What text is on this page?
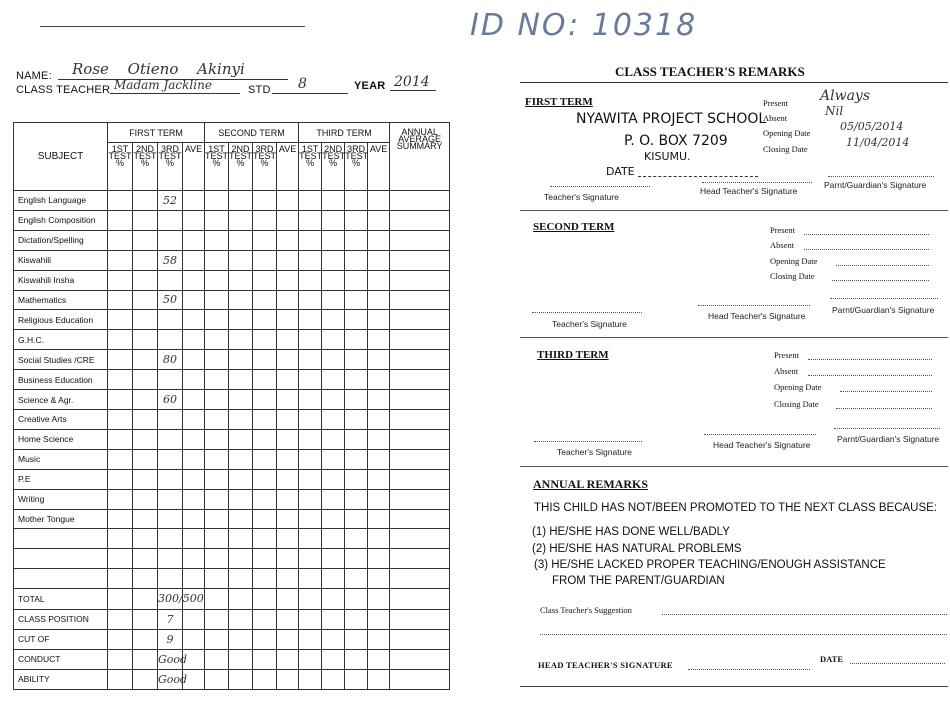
ID NO: 10318
NAME: Rose Otieno Akinyi
CLASS TEACHER Madam Jackline	STD 8	YEAR 2014
SUBJECT	FIRST TERM				SECOND TERM				THIRD TERM				ANNUAL AVERAGE SUMMARY
	1ST TEST %	2ND TEST %	3RD TEST %	AVE	1ST TEST %	2ND TEST %	3RD TEST %	AVE	1ST TEST %	2ND TEST %	3RD TEST %	AVE	
English Language			52										
English Composition													
Dictation/Spelling													
Kiswahili			58										
Kiswahili Insha													
Mathematics			50										
Religious Education													
G.H.C.													
Social Studies /CRE			80										
Business Education													
Science & Agr.			60										
Creative Arts													
Home Science													
Music													
P.E													
Writing													
Mother Tongue													

TOTAL			300/500										
CLASS POSITION			7										
CUT OF			9										
CONDUCT			Good										
ABILITY			Good										
CLASS TEACHER'S REMARKS
FIRST TERM
NYAWITA PROJECT SCHOOL
P. O. BOX 7209
KISUMU.
DATE
Present Always
Absent	Nil
Opening Date	05/05/2014
Closing Date	11/04/2014
Teacher's Signature
Head Teacher's Signature
Parnt/Guardian's Signature
SECOND TERM	Present
Absent
Opening Date
Closing Date
Teacher's Signature
Head Teacher's Signature
Parnt/Guardian's Signature
THIRD TERM	Present
Absent
Opening Date
Closing Date
Teacher's Signature
Head Teacher's Signature
Parnt/Guardian's Signature
ANNUAL REMARKS
THIS CHILD HAS NOT/BEEN PROMOTED TO THE NEXT CLASS BECAUSE:
(1) HE/SHE HAS DONE WELL/BADLY
(2) HE/SHE HAS NATURAL PROBLEMS
(3) HE/SHE LACKED PROPER TEACHING/ENOUGH ASSISTANCE
FROM THE PARENT/GUARDIAN
Class Teacher's Suggestion
HEAD TEACHER'S SIGNATURE
DATE
